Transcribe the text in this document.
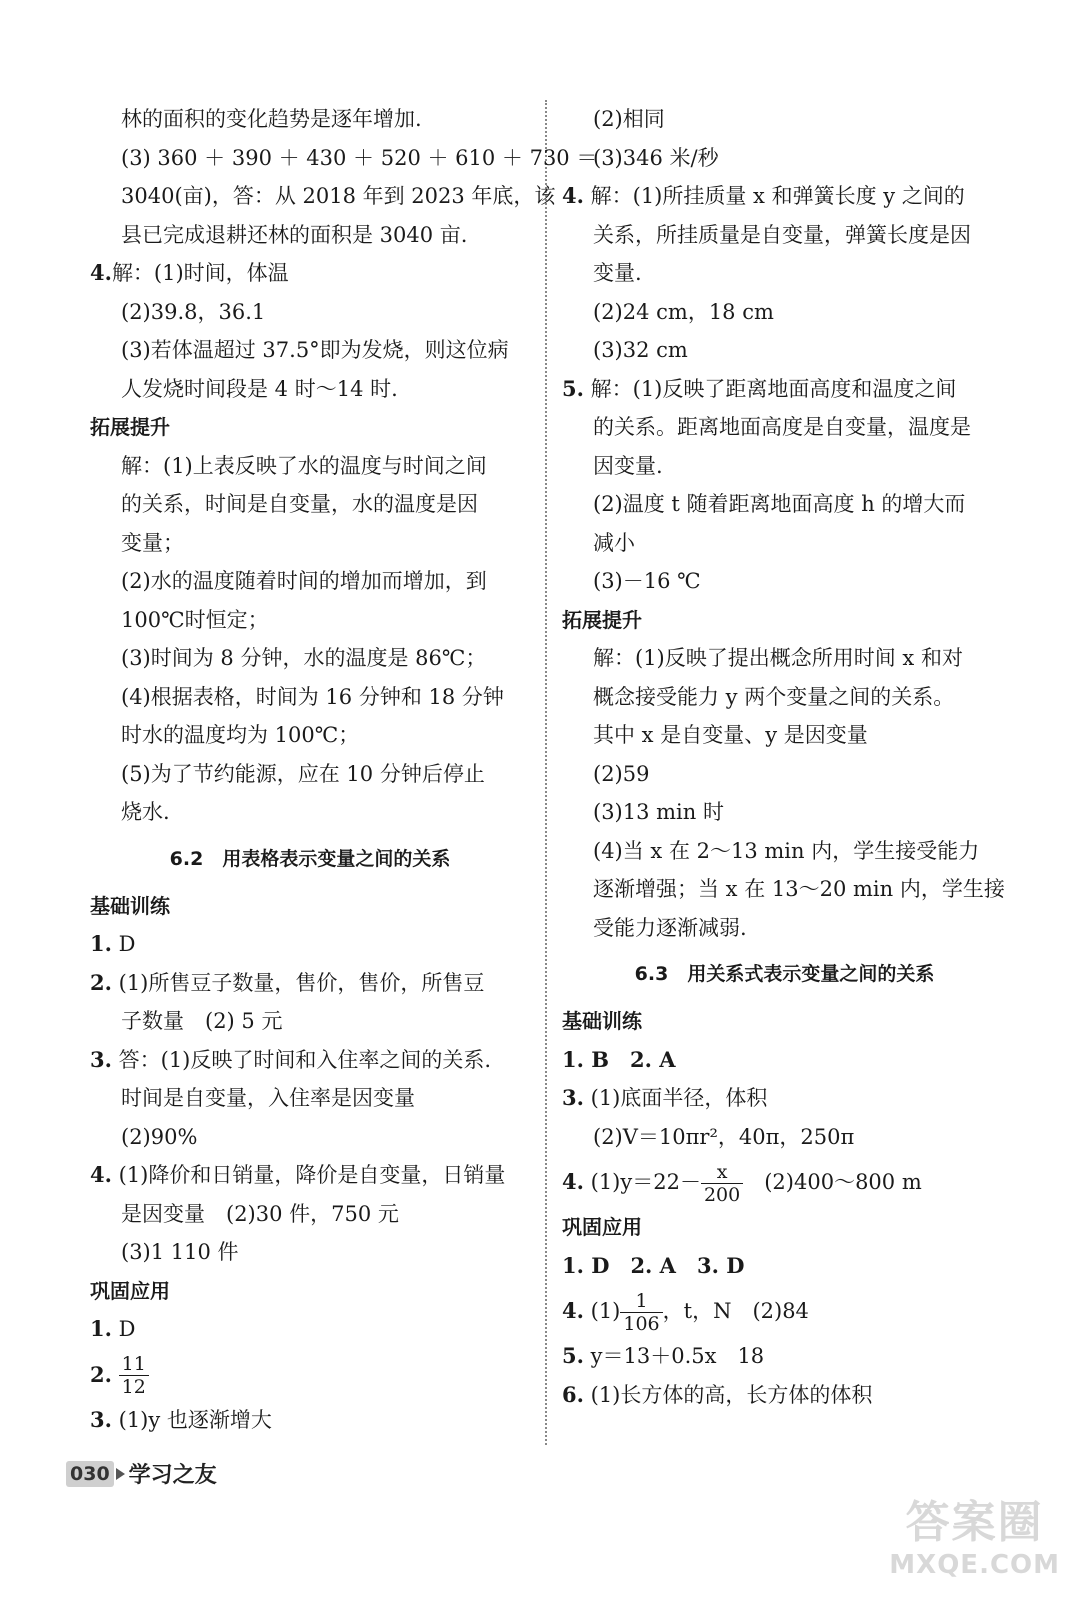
林的面积的变化趋势是逐年增加.
(3) 360 ＋ 390 ＋ 430 ＋ 520 ＋ 610 ＋ 730 ＝
3040(亩)，答：从 2018 年到 2023 年底，该
县已完成退耕还林的面积是 3040 亩.
4.解：(1)时间，体温
(2)39.8，36.1
(3)若体温超过 37.5°即为发烧，则这位病
人发烧时间段是 4 时～14 时.
拓展提升
解：(1)上表反映了水的温度与时间之间
的关系，时间是自变量，水的温度是因
变量；
(2)水的温度随着时间的增加而增加，到
100℃时恒定；
(3)时间为 8 分钟，水的温度是 86℃；
(4)根据表格，时间为 16 分钟和 18 分钟
时水的温度均为 100℃；
(5)为了节约能源，应在 10 分钟后停止
烧水.
6.2　用表格表示变量之间的关系
基础训练
1. D
2. (1)所售豆子数量，售价，售价，所售豆
子数量　(2) 5 元
3. 答：(1)反映了时间和入住率之间的关系.
时间是自变量，入住率是因变量
(2)90%
4. (1)降价和日销量，降价是自变量，日销量
是因变量　(2)30 件，750 元
(3)1 110 件
巩固应用
1. D
2. $\frac{11}{12}$
3. (1)y 也逐渐增大
(2)相同
(3)346 米/秒
4. 解：(1)所挂质量 x 和弹簧长度 y 之间的
关系，所挂质量是自变量，弹簧长度是因
变量.
(2)24 cm，18 cm
(3)32 cm
5. 解：(1)反映了距离地面高度和温度之间
的关系。距离地面高度是自变量，温度是
因变量.
(2)温度 t 随着距离地面高度 h 的增大而
减小
(3)－16 ℃
拓展提升
解：(1)反映了提出概念所用时间 x 和对
概念接受能力 y 两个变量之间的关系。
其中 x 是自变量、y 是因变量
(2)59
(3)13 min 时
(4)当 x 在 2～13 min 内，学生接受能力
逐渐增强；当 x 在 13～20 min 内，学生接
受能力逐渐减弱.
6.3　用关系式表示变量之间的关系
基础训练
1. B　2. A
3. (1)底面半径，体积
(2)V＝10πr²，40π，250π
4. $(1)y=22- \frac{x}{200}$ 　(2)400～800 m
巩固应用
1. D　2. A　3. D
4. $(1) \frac{1}{106}$ ，t，N　(2)84
5. y＝13＋0.5x　18
6. (1)长方体的高，长方体的体积
030 学习之友
答案圈
MXQE.COM
